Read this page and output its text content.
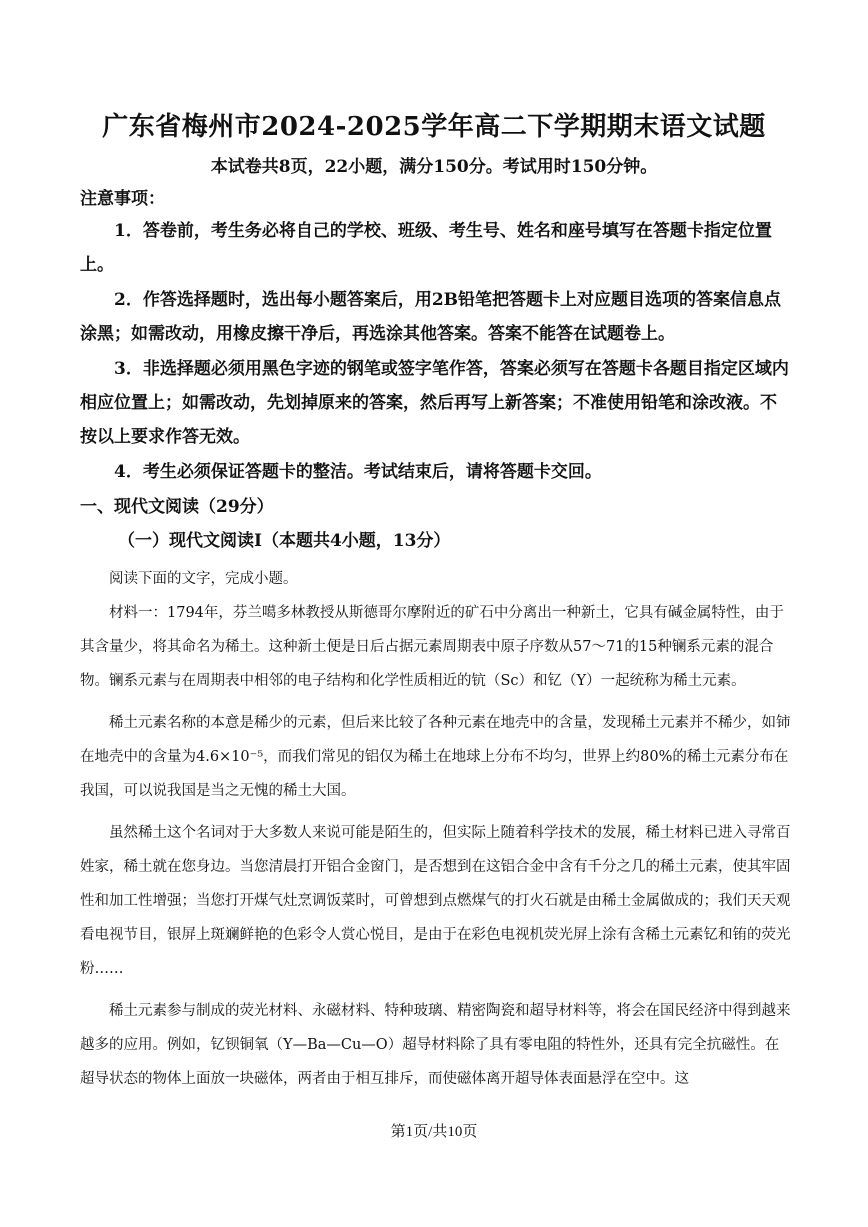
广东省梅州市2024-2025学年高二下学期期末语文试题
本试卷共8页，22小题，满分150分。考试用时150分钟。
注意事项：
1．答卷前，考生务必将自己的学校、班级、考生号、姓名和座号填写在答题卡指定位置上。
2．作答选择题时，选出每小题答案后，用2B铅笔把答题卡上对应题目选项的答案信息点涂黑；如需改动，用橡皮擦干净后，再选涂其他答案。答案不能答在试题卷上。
3．非选择题必须用黑色字迹的钢笔或签字笔作答，答案必须写在答题卡各题目指定区域内相应位置上；如需改动，先划掉原来的答案，然后再写上新答案；不准使用铅笔和涂改液。不按以上要求作答无效。
4．考生必须保证答题卡的整洁。考试结束后，请将答题卡交回。
一、现代文阅读（29分）
（一）现代文阅读Ⅰ（本题共4小题，13分）

阅读下面的文字，完成小题。

材料一：1794年，芬兰噶多林教授从斯德哥尔摩附近的矿石中分离出一种新土，它具有碱金属特性，由于其含量少，将其命名为稀土。这种新土便是日后占据元素周期表中原子序数从57～71的15种镧系元素的混合物。镧系元素与在周期表中相邻的电子结构和化学性质相近的钪（Sc）和钇（Y）一起统称为稀土元素。

稀土元素名称的本意是稀少的元素，但后来比较了各种元素在地壳中的含量，发现稀土元素并不稀少，如铈在地壳中的含量为4.6×10⁻⁵，而我们常见的铝仅为稀土在地球上分布不均匀，世界上约80%的稀土元素分布在我国，可以说我国是当之无愧的稀土大国。

虽然稀土这个名词对于大多数人来说可能是陌生的，但实际上随着科学技术的发展，稀土材料已进入寻常百姓家，稀土就在您身边。当您清晨打开铝合金窗门，是否想到在这铝合金中含有千分之几的稀土元素，使其牢固性和加工性增强；当您打开煤气灶烹调饭菜时，可曾想到点燃煤气的打火石就是由稀土金属做成的；我们天天观看电视节目，银屏上斑斓鲜艳的色彩令人赏心悦目，是由于在彩色电视机荧光屏上涂有含稀土元素钇和铕的荧光粉……

稀土元素参与制成的荧光材料、永磁材料、特种玻璃、精密陶瓷和超导材料等，将会在国民经济中得到越来越多的应用。例如，钇钡铜氧（Y—Ba—Cu—O）超导材料除了具有零电阻的特性外，还具有完全抗磁性。在超导状态的物体上面放一块磁体，两者由于相互排斥，而使磁体离开超导体表面悬浮在空中。这

第1页/共10页
